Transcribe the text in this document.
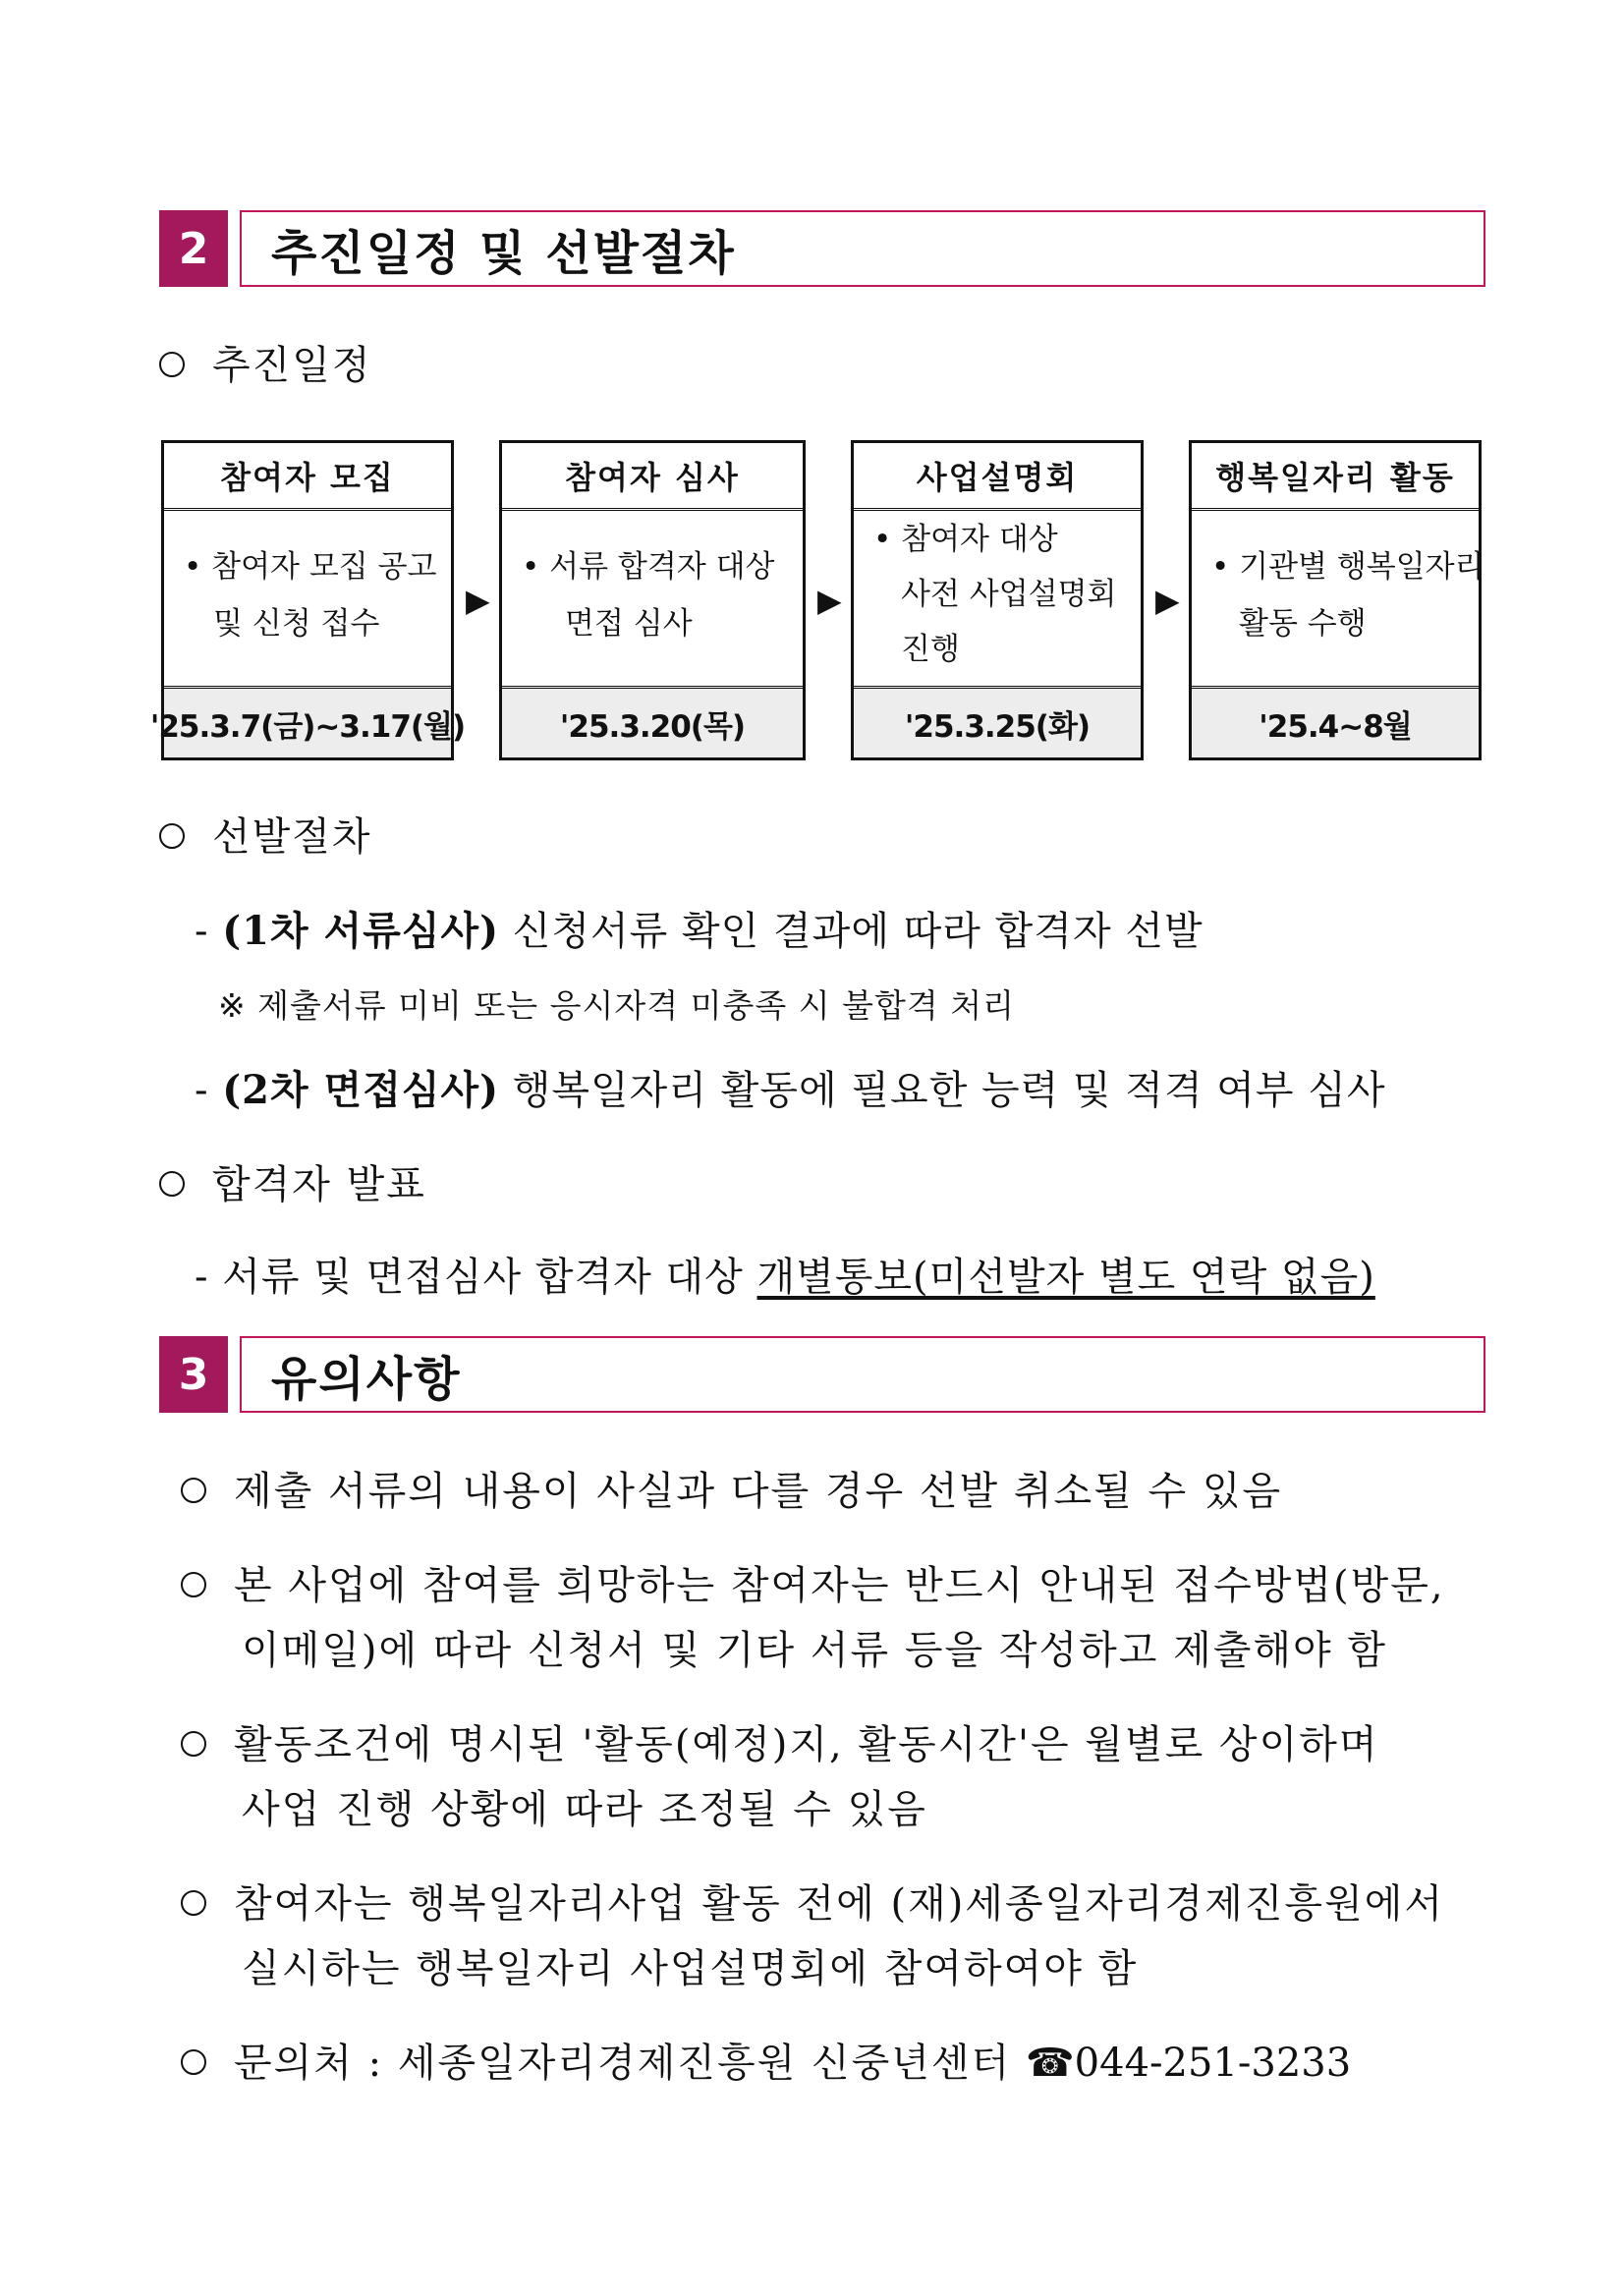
2	추진일정 및 선발절차
추진일정
참여자 모집
• 참여자 모집 공고
및 신청 접수
'25.3.7(금)~3.17(월)
▶
참여자 심사
• 서류 합격자 대상
면접 심사
'25.3.20(목)
▶
사업설명회
• 참여자 대상
사전 사업설명회
진행
'25.3.25(화)
▶
행복일자리 활동
• 기관별 행복일자리
활동 수행
'25.4~8월
선발절차
- (1차 서류심사) 신청서류 확인 결과에 따라 합격자 선발
※ 제출서류 미비 또는 응시자격 미충족 시 불합격 처리
- (2차 면접심사) 행복일자리 활동에 필요한 능력 및 적격 여부 심사
합격자 발표
- 서류 및 면접심사 합격자 대상 개별통보(미선발자 별도 연락 없음)
3	유의사항
제출 서류의 내용이 사실과 다를 경우 선발 취소될 수 있음
본 사업에 참여를 희망하는 참여자는 반드시 안내된 접수방법(방문,
이메일)에 따라 신청서 및 기타 서류 등을 작성하고 제출해야 함
활동조건에 명시된 '활동(예정)지, 활동시간'은 월별로 상이하며
사업 진행 상황에 따라 조정될 수 있음
참여자는 행복일자리사업 활동 전에 (재)세종일자리경제진흥원에서
실시하는 행복일자리 사업설명회에 참여하여야 함
문의처 : 세종일자리경제진흥원 신중년센터 ☎044-251-3233
